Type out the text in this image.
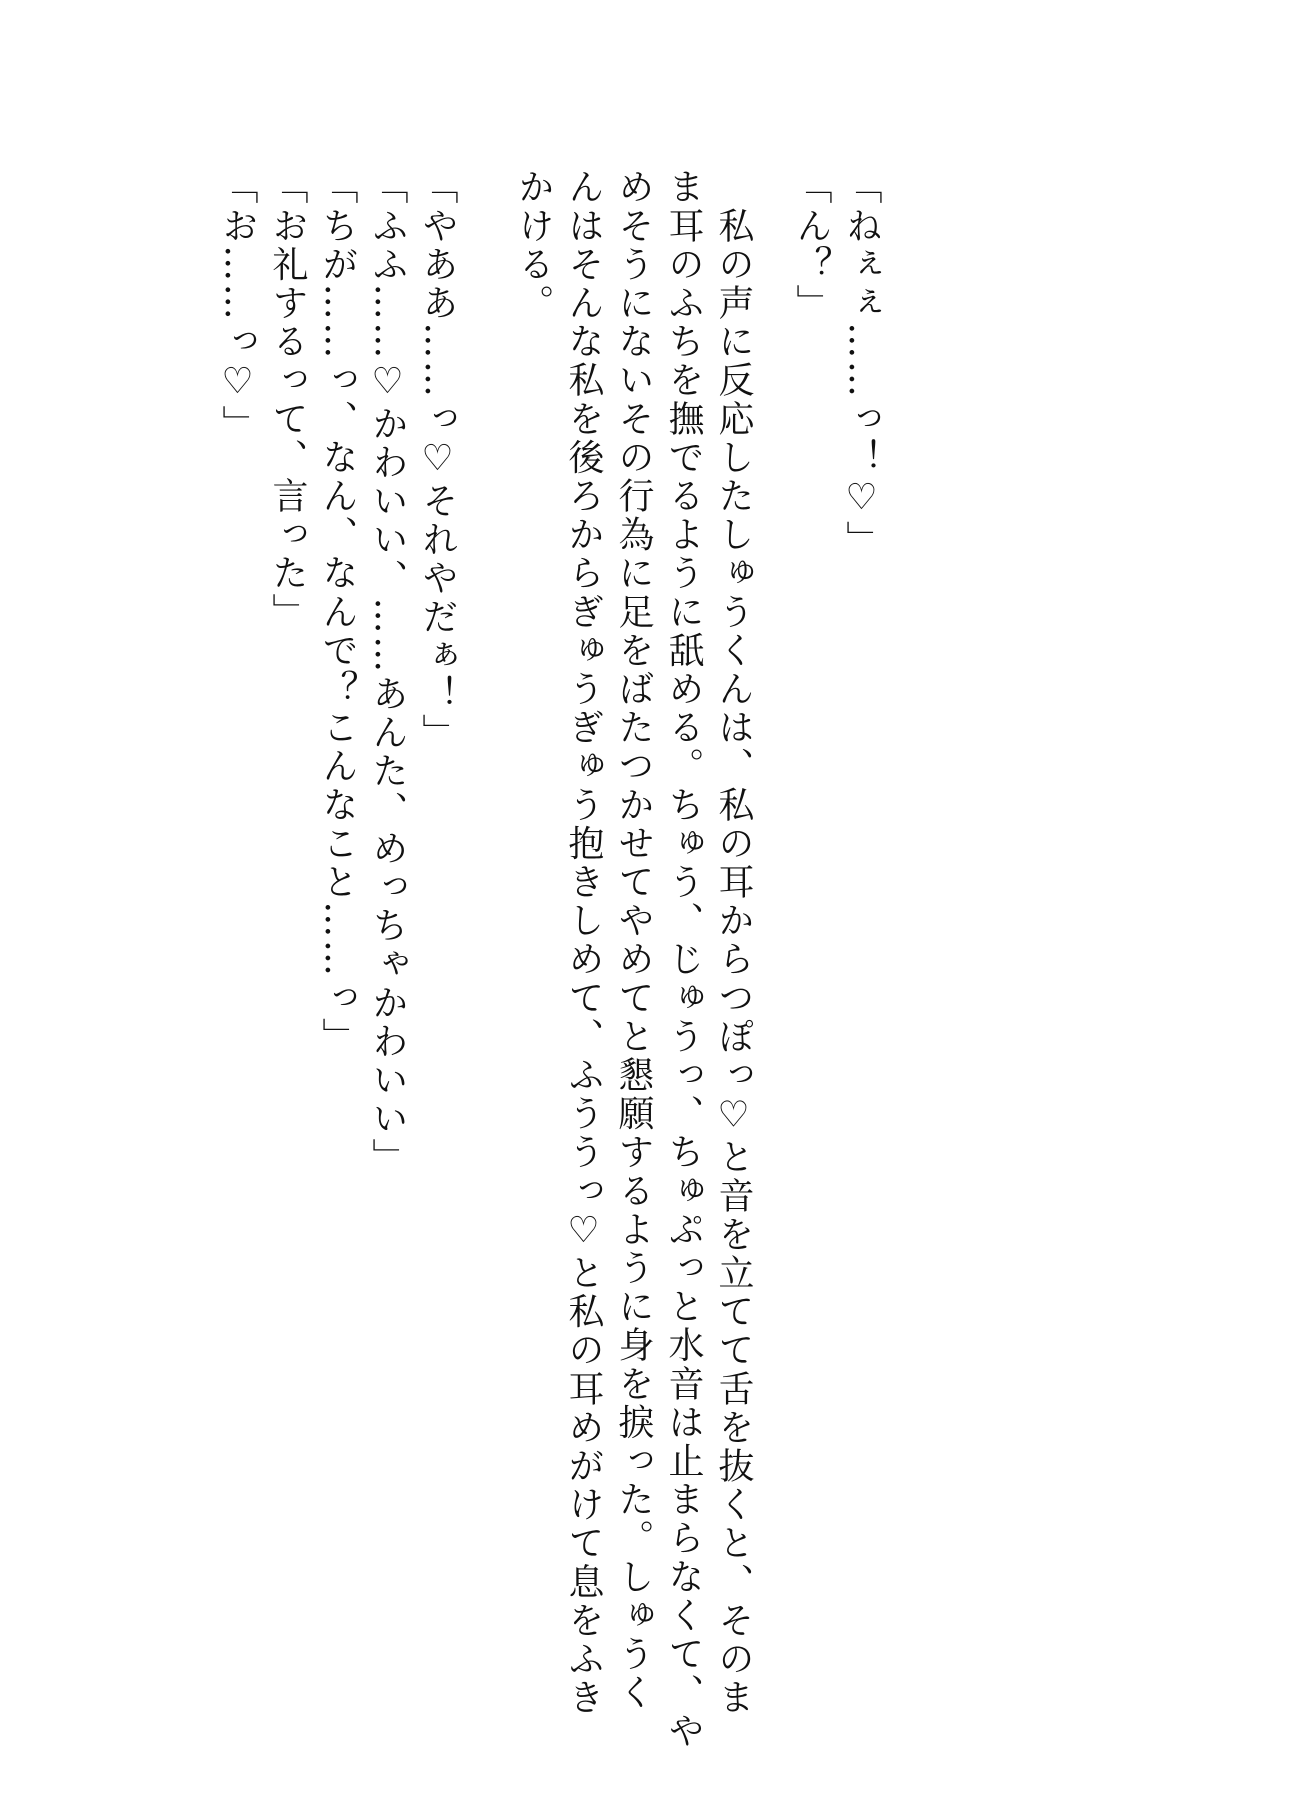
「ねぇぇ……っ！♡」
「ん？」
　私の声に反応したしゅうくんは、私の耳からつぽっ♡と音を立てて舌を抜くと、そのま
ま耳のふちを撫でるように舐める。ちゅう、じゅうっ、ちゅぷっと水音は止まらなくて、や
めそうにないその行為に足をばたつかせてやめてと懇願するように身を捩った。しゅうく
んはそんな私を後ろからぎゅうぎゅう抱きしめて、ふううっ♡と私の耳めがけて息をふき
かける。
「やああ……っ♡それやだぁ！」
「ふふ……♡かわいい、……あんた、めっちゃかわいい」
「ちが……っ、なん、なんで？こんなこと……っ」
「お礼するって、言った」
「お……っ♡」
